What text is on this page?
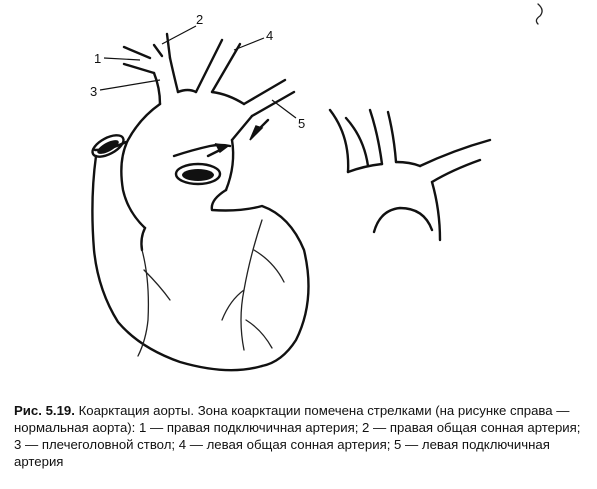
1
2
3
4
5
Рис. 5.19. Коарктация аорты. Зона коарктации помечена стрелками (на рисунке справа — нормальная аорта): 1 — правая подключичная артерия; 2 — правая общая сонная артерия; 3 — плечеголовной ствол; 4 — левая общая сонная артерия; 5 — левая подключичная артерия
